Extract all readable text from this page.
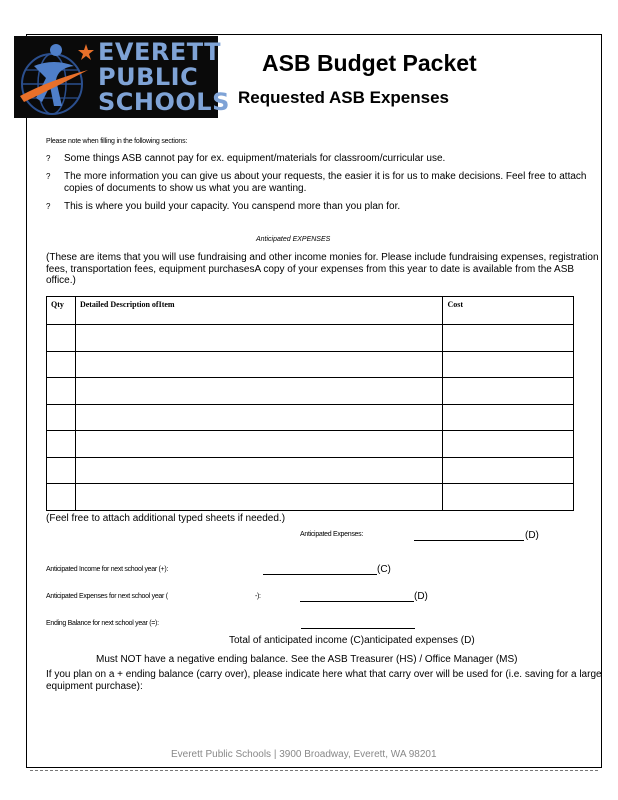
EVERETT
PUBLIC
SCHOOLS
ASB Budget Packet
Requested ASB Expenses
Please note when filling in the following sections:
? Some things ASB cannot pay for ex. equipment/materials for classroom/curricular use.
? The more information you can give us about your requests, the easier it is for us to make decisions. Feel free to attach copies of documents to show us what you are wanting.
? This is where you build your capacity. You canspend more than you plan for.
Anticipated EXPENSES
(These are items that you will use fundraising and other income monies for. Please include fundraising expenses, registration fees, transportation fees, equipment purchasesA copy of your expenses from this year to date is available from the ASB office.)
Qty	Detailed Description ofItem	Cost

(Feel free to attach additional typed sheets if needed.)
Anticipated Expenses:	(D)
Anticipated Income for next school year (+):	(C)
Anticipated Expenses for next school year (	-):	(D)
Ending Balance for next school year (=):
Total of anticipated income (C)anticipated expenses (D)
Must NOT have a negative ending balance. See the ASB Treasurer (HS) / Office Manager (MS)
If you plan on a + ending balance (carry over), please indicate here what that carry over will be used for (i.e. saving for a large equipment purchase):
Everett Public Schools | 3900 Broadway, Everett, WA 98201
